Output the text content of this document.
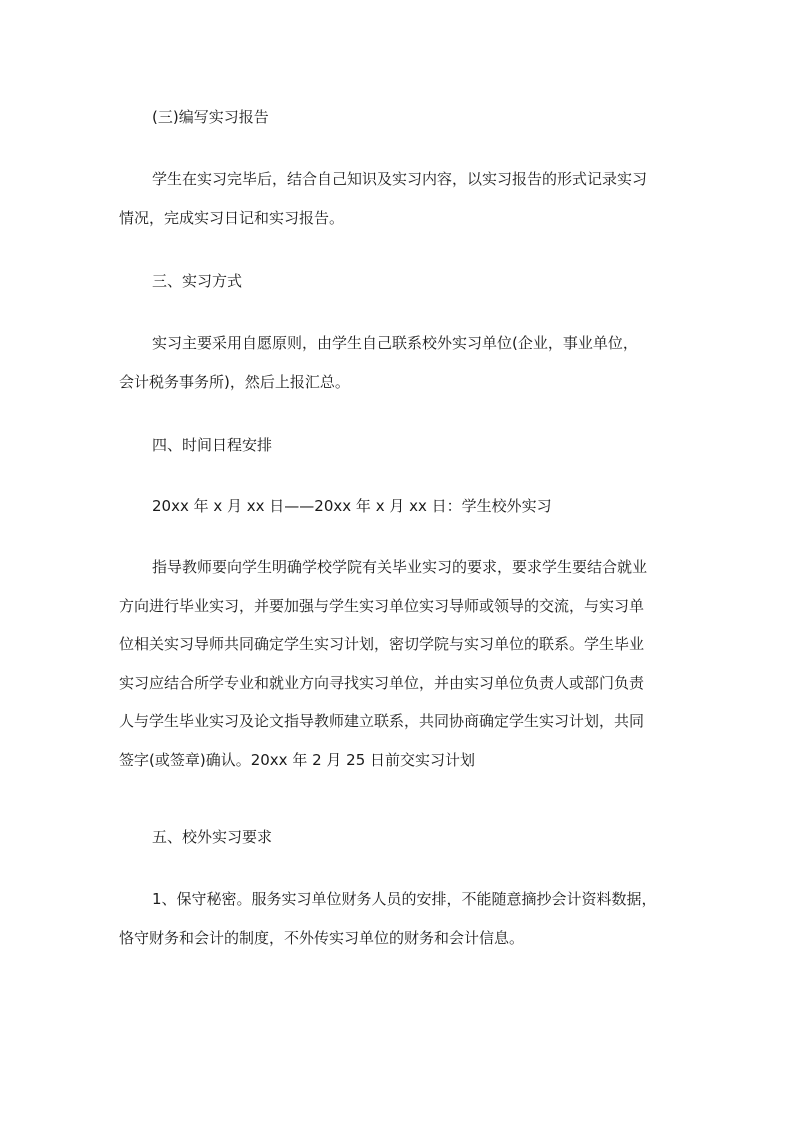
(三)编写实习报告

学生在实习完毕后，结合自己知识及实习内容，以实习报告的形式记录实习
情况，完成实习日记和实习报告。

三、实习方式

实习主要采用自愿原则，由学生自己联系校外实习单位(企业，事业单位，
会计税务事务所)，然后上报汇总。

四、时间日程安排

20xx 年 x 月 xx 日——20xx 年 x 月 xx 日：学生校外实习

指导教师要向学生明确学校学院有关毕业实习的要求，要求学生要结合就业
方向进行毕业实习，并要加强与学生实习单位实习导师或领导的交流，与实习单
位相关实习导师共同确定学生实习计划，密切学院与实习单位的联系。学生毕业
实习应结合所学专业和就业方向寻找实习单位，并由实习单位负责人或部门负责
人与学生毕业实习及论文指导教师建立联系，共同协商确定学生实习计划，共同
签字(或签章)确认。20xx 年 2 月 25 日前交实习计划

五、校外实习要求

1、保守秘密。服务实习单位财务人员的安排，不能随意摘抄会计资料数据，
恪守财务和会计的制度，不外传实习单位的财务和会计信息。
